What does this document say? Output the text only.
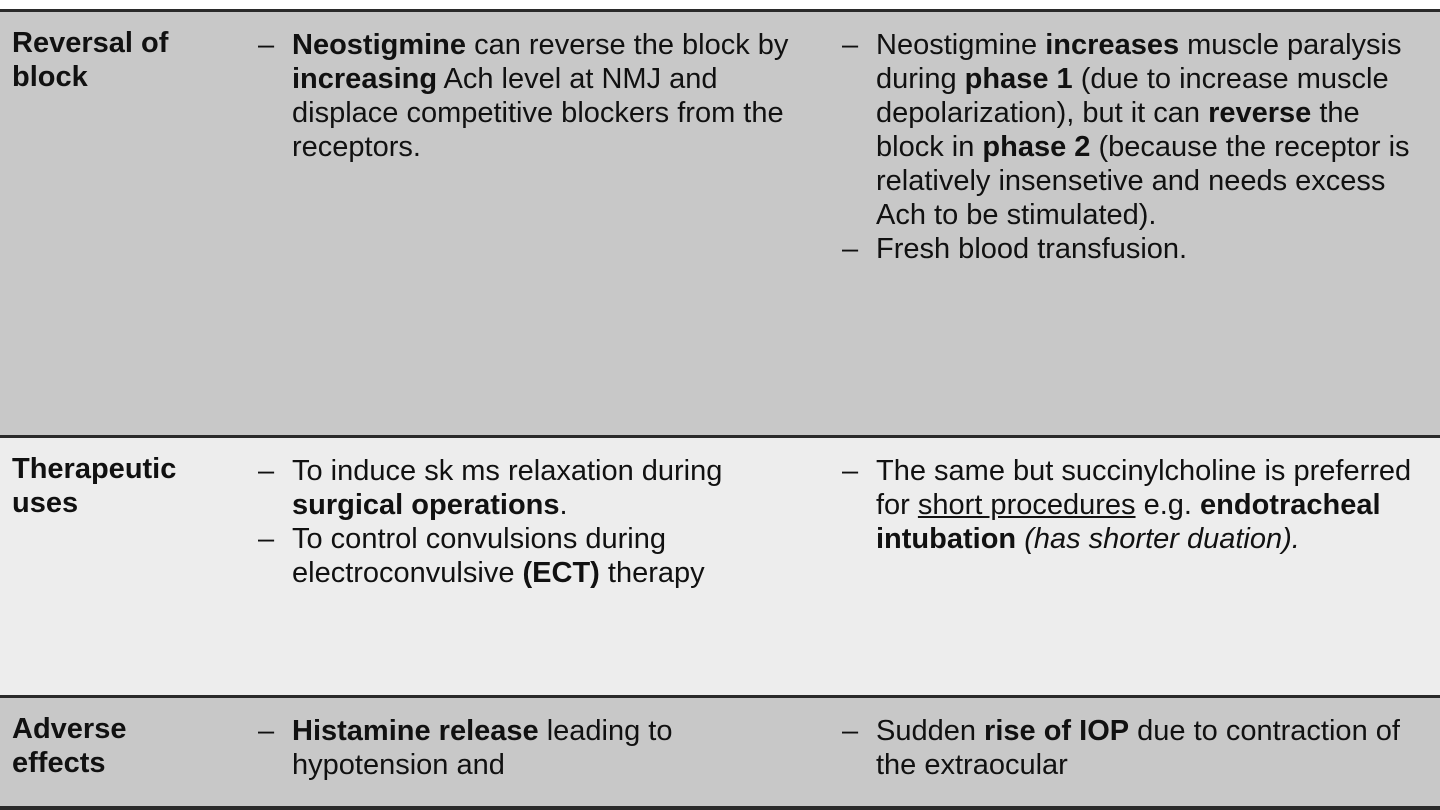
Reversal of
block
– Neostigmine can reverse the block by increasing Ach level at NMJ and displace competitive blockers from the receptors.
– Neostigmine increases muscle paralysis during phase 1 (due to increase muscle depolarization), but it can reverse the block in phase 2 (because the receptor is relatively insensetive and needs excess Ach to be stimulated).
– Fresh blood transfusion.
Therapeutic
uses
– To induce sk ms relaxation during surgical operations.
– To control convulsions during electroconvulsive (ECT) therapy
– The same but succinylcholine is preferred for short procedures e.g. endotracheal intubation (has shorter duation).
Adverse
effects
– Histamine release leading to hypotension and
– Sudden rise of IOP due to contraction of the extraocular
